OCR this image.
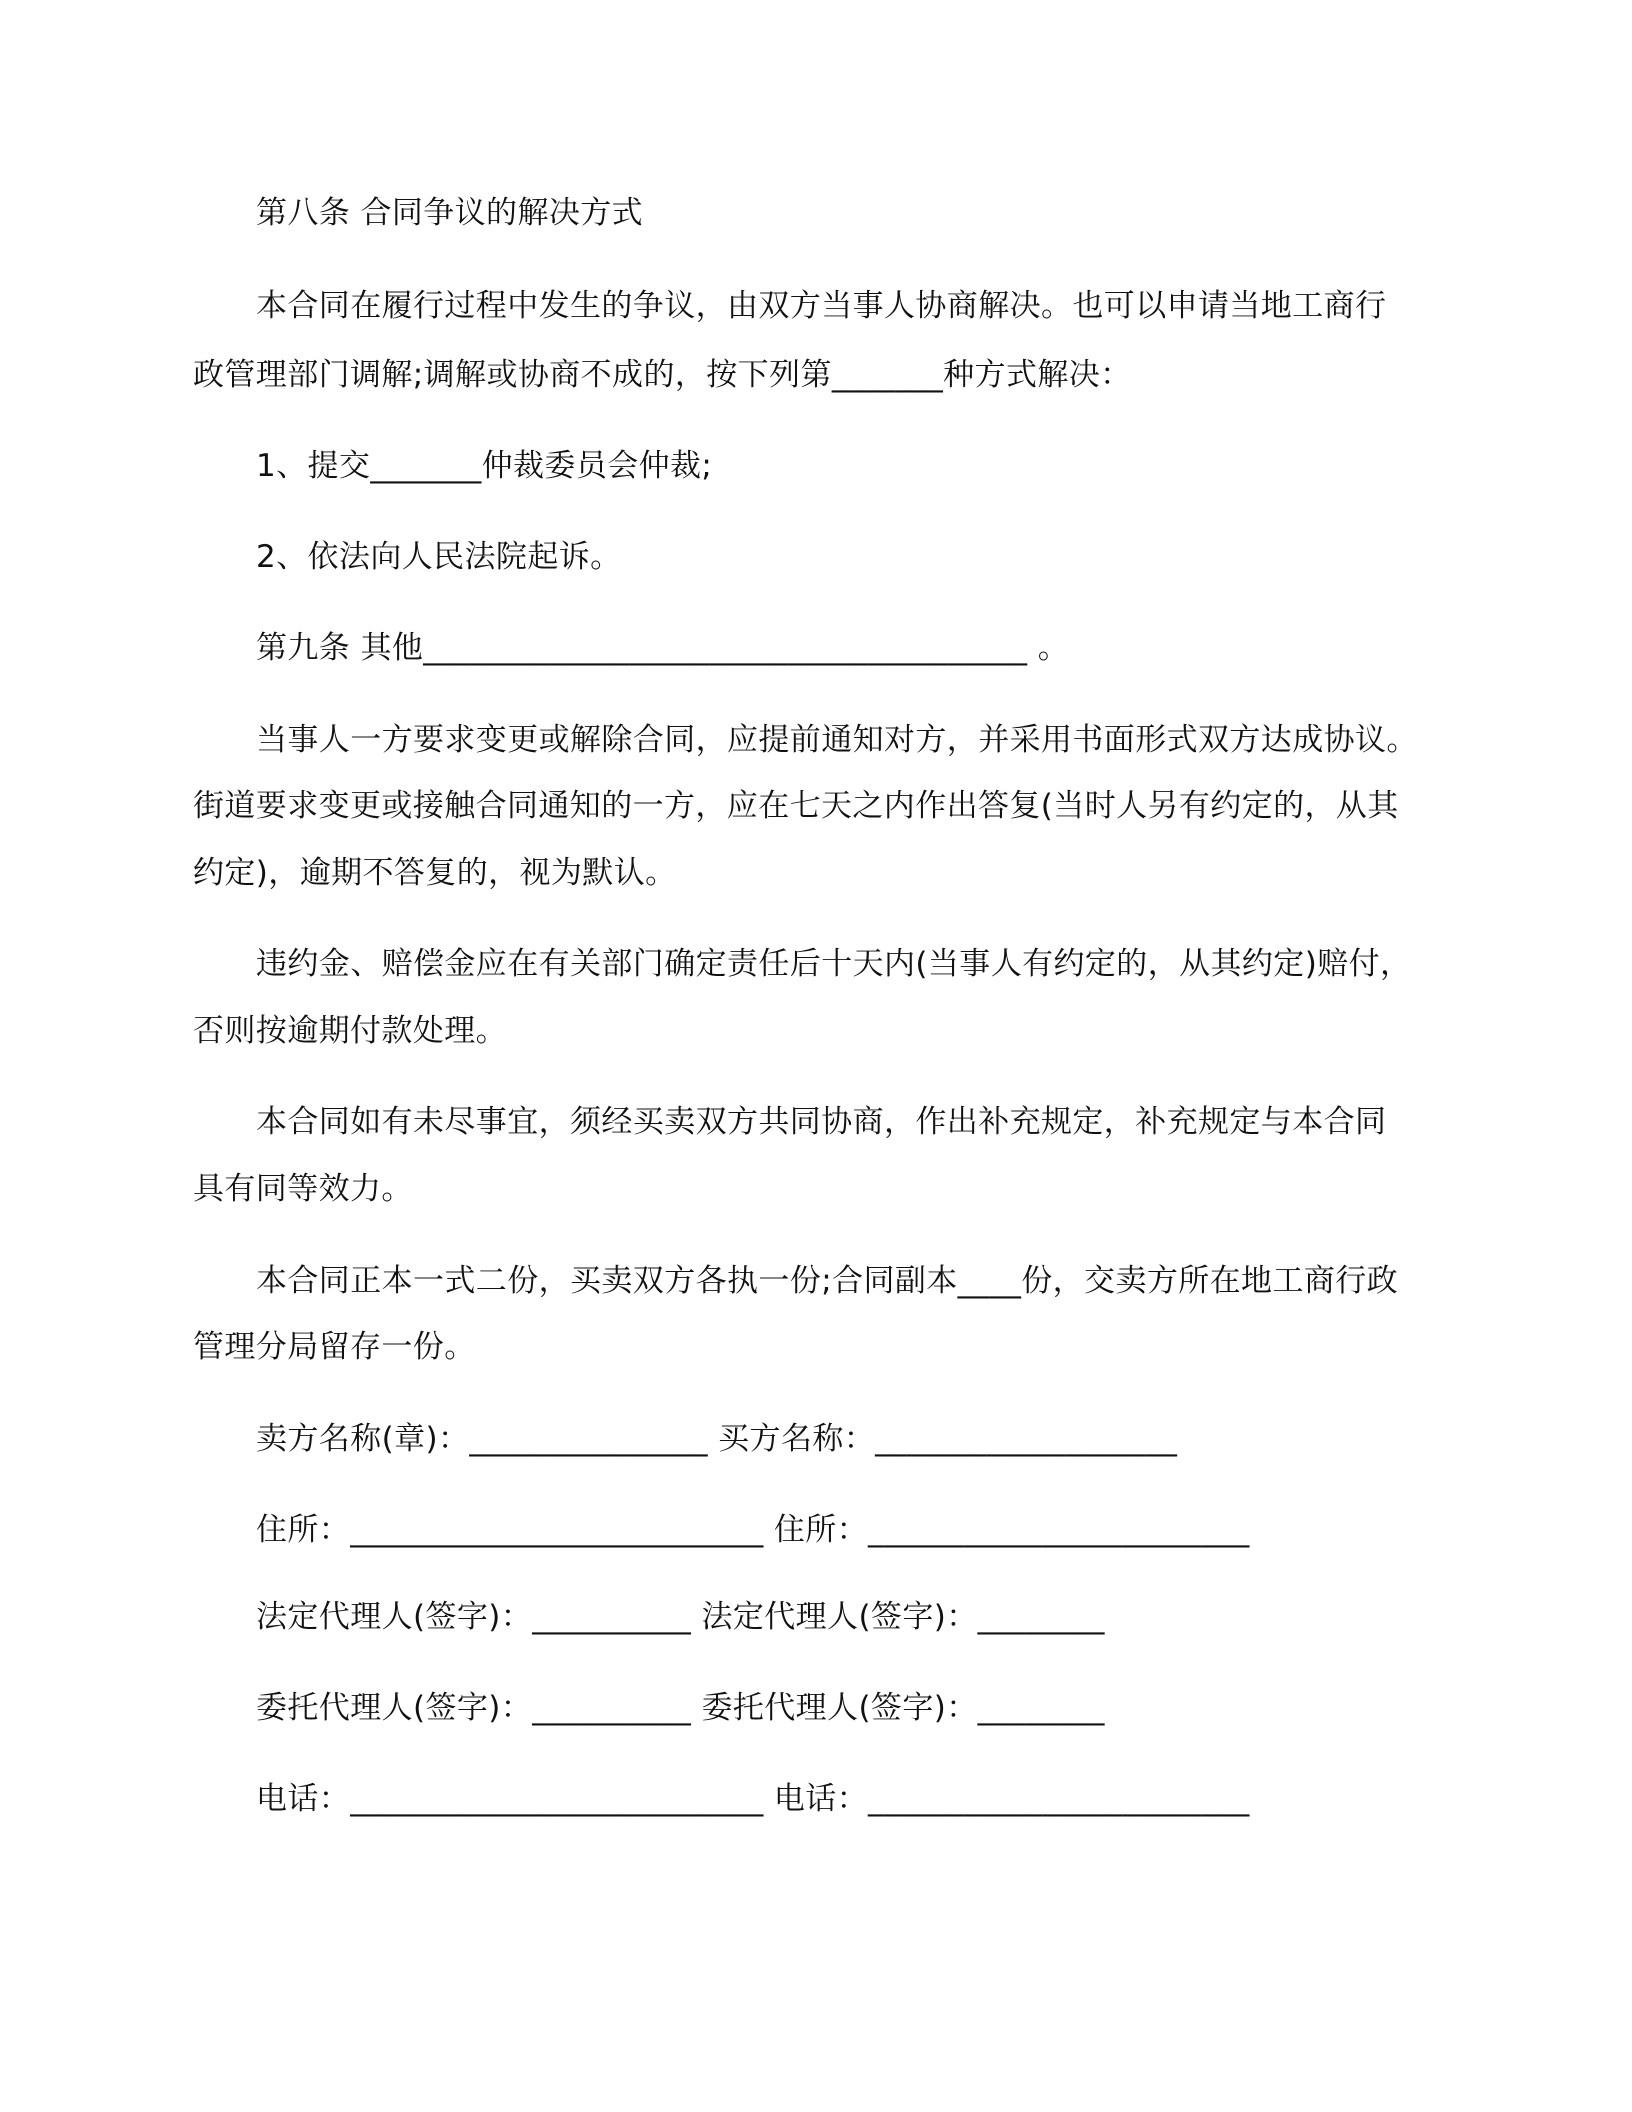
第八条 合同争议的解决方式
本合同在履行过程中发生的争议，由双方当事人协商解决。也可以申请当地工商行
政管理部门调解;调解或协商不成的，按下列第_______种方式解决：
1、提交_______仲裁委员会仲裁;
2、依法向人民法院起诉。
第九条 其他______________________________________ 。
当事人一方要求变更或解除合同，应提前通知对方，并采用书面形式双方达成协议。
街道要求变更或接触合同通知的一方，应在七天之内作出答复(当时人另有约定的，从其
约定)，逾期不答复的，视为默认。
违约金、赔偿金应在有关部门确定责任后十天内(当事人有约定的，从其约定)赔付，
否则按逾期付款处理。
本合同如有未尽事宜，须经买卖双方共同协商，作出补充规定，补充规定与本合同
具有同等效力。
本合同正本一式二份，买卖双方各执一份;合同副本____份，交卖方所在地工商行政
管理分局留存一份。
卖方名称(章)：_______________ 买方名称：___________________
住所：__________________________ 住所：________________________
法定代理人(签字)：__________ 法定代理人(签字)：________
委托代理人(签字)：__________ 委托代理人(签字)：________
电话：__________________________ 电话：________________________
